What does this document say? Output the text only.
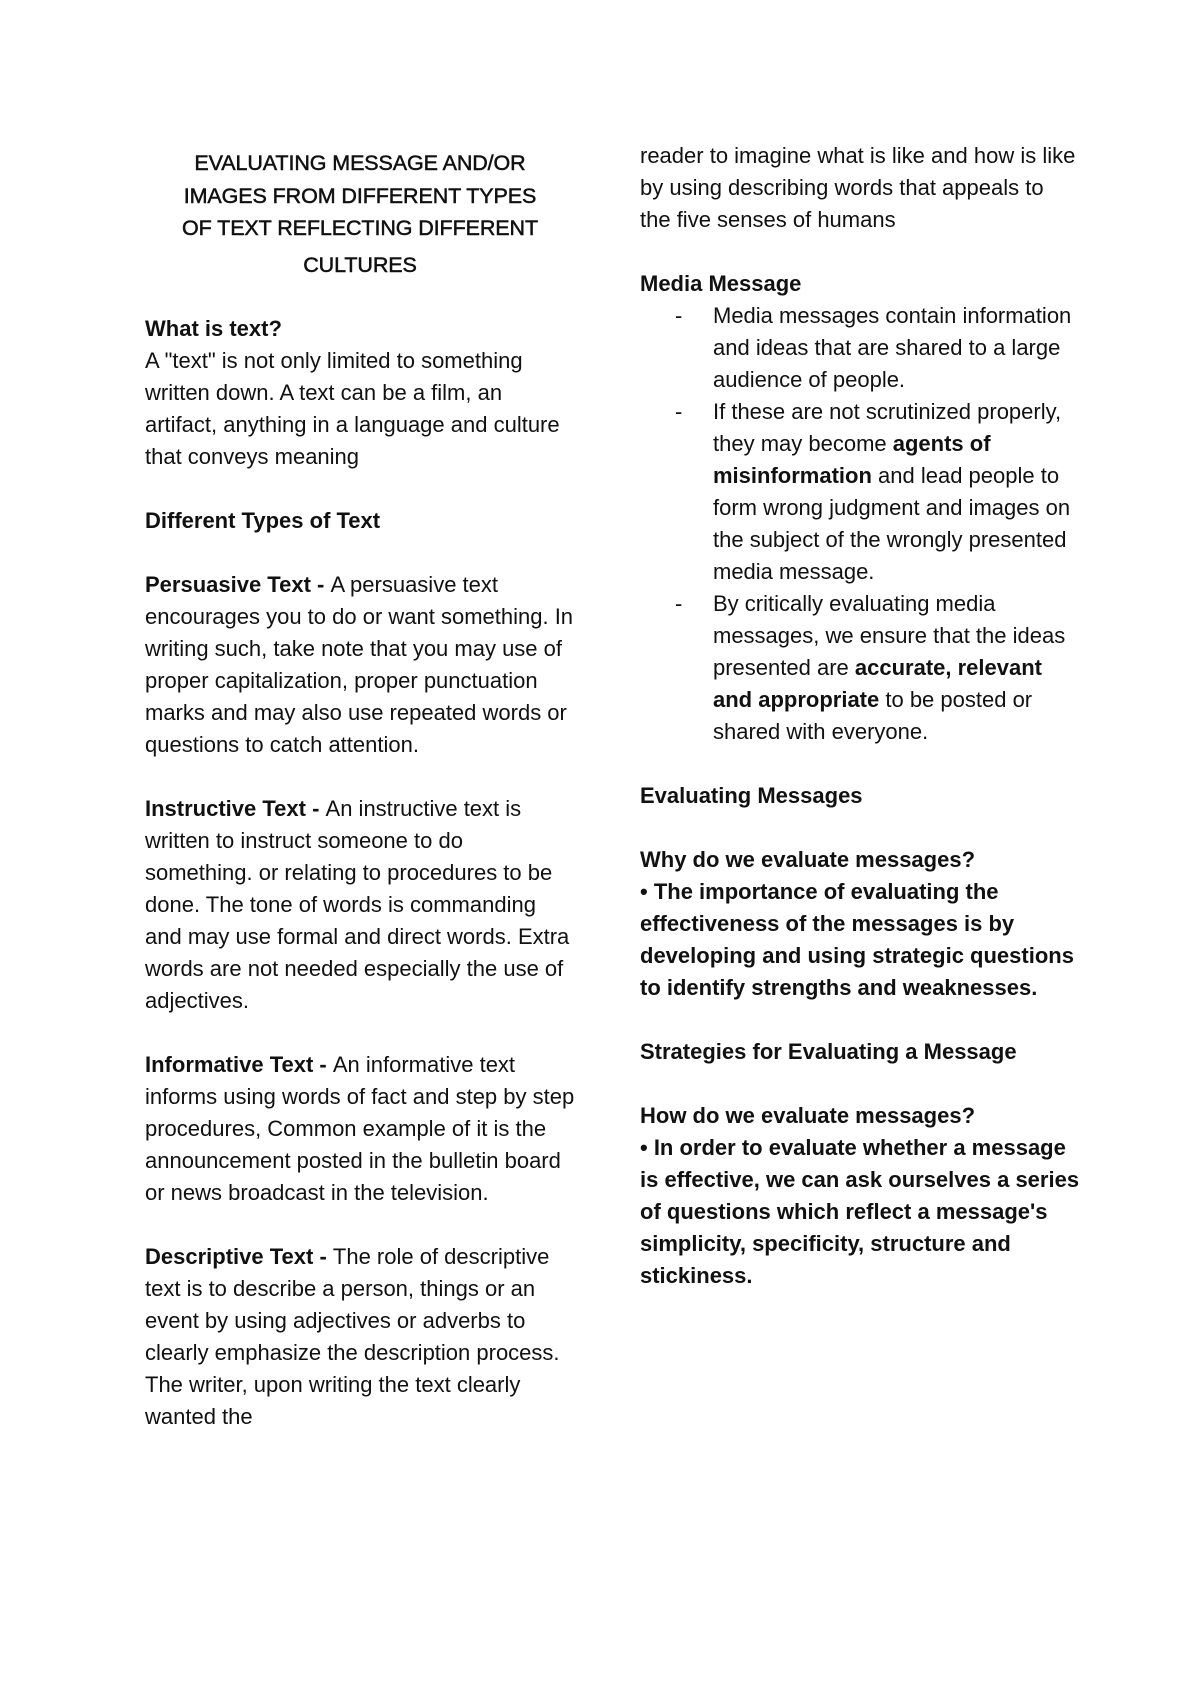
EVALUATING MESSAGE AND/OR
IMAGES FROM DIFFERENT TYPES
OF TEXT REFLECTING DIFFERENT
CULTURES

What is text?

A "text" is not only limited to something written down. A text can be a film, an artifact, anything in a language and culture that conveys meaning

Different Types of Text

Persuasive Text - A persuasive text encourages you to do or want something. In writing such, take note that you may use of proper capitalization, proper punctuation marks and may also use repeated words or questions to catch attention.

Instructive Text - An instructive text is written to instruct someone to do something. or relating to procedures to be done. The tone of words is commanding and may use formal and direct words. Extra words are not needed especially the use of adjectives.

Informative Text - An informative text informs using words of fact and step by step procedures, Common example of it is the announcement posted in the bulletin board or news broadcast in the television.

Descriptive Text - The role of descriptive text is to describe a person, things or an event by using adjectives or adverbs to clearly emphasize the description process. The writer, upon writing the text clearly wanted the

reader to imagine what is like and how is like by using describing words that appeals to the five senses of humans

Media Message

- Media messages contain information and ideas that are shared to a large audience of people.
- If these are not scrutinized properly, they may become agents of misinformation and lead people to form wrong judgment and images on the subject of the wrongly presented media message.
- By critically evaluating media messages, we ensure that the ideas presented are accurate, relevant and appropriate to be posted or shared with everyone.

Evaluating Messages

Why do we evaluate messages?

• The importance of evaluating the effectiveness of the messages is by developing and using strategic questions to identify strengths and weaknesses.

Strategies for Evaluating a Message

How do we evaluate messages?

• In order to evaluate whether a message is effective, we can ask ourselves a series of questions which reflect a message's simplicity, specificity, structure and stickiness.
